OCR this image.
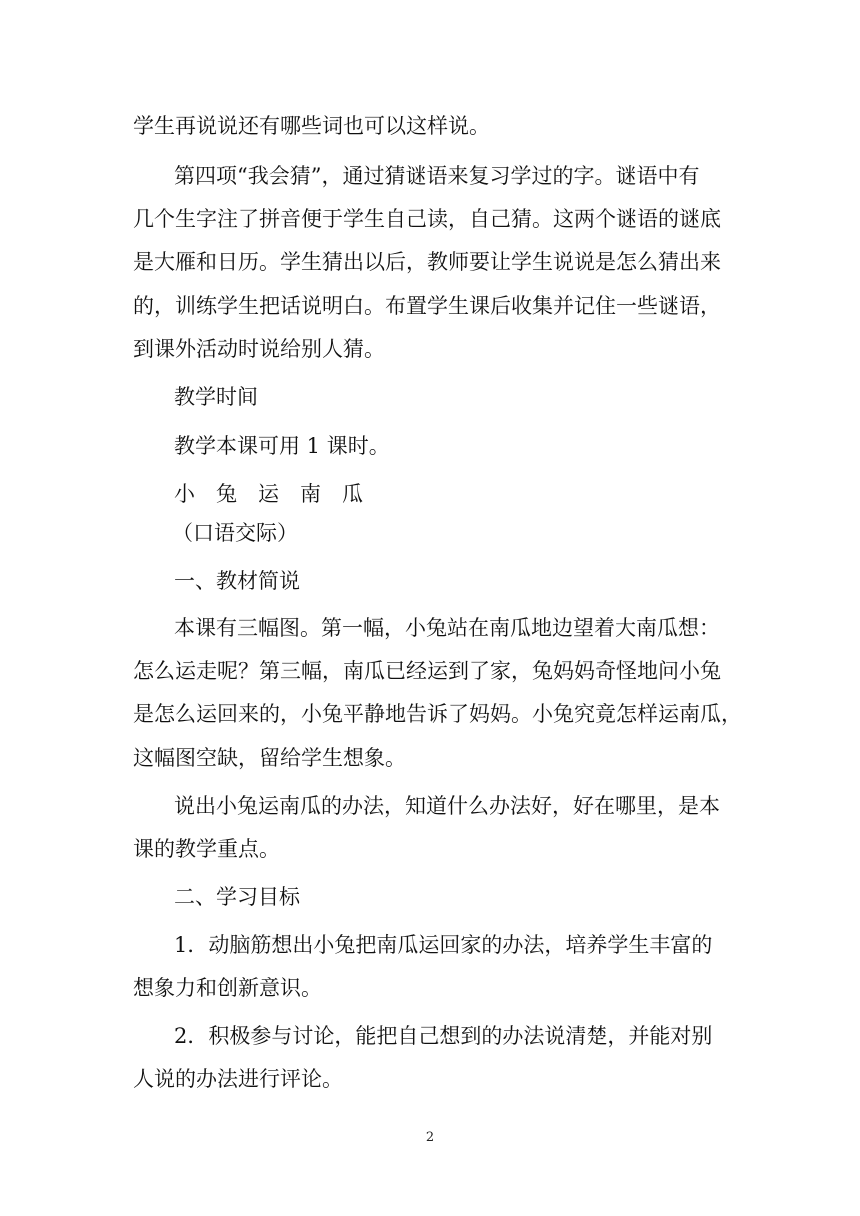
学生再说说还有哪些词也可以这样说。

第四项“我会猜”，通过猜谜语来复习学过的字。谜语中有

几个生字注了拼音便于学生自己读，自己猜。这两个谜语的谜底

是大雁和日历。学生猜出以后，教师要让学生说说是怎么猜出来

的，训练学生把话说明白。布置学生课后收集并记住一些谜语，

到课外活动时说给别人猜。

教学时间

教学本课可用 1 课时。

小　兔　运　南　瓜

（口语交际）

一、教材简说

本课有三幅图。第一幅，小兔站在南瓜地边望着大南瓜想：

怎么运走呢？第三幅，南瓜已经运到了家，兔妈妈奇怪地问小兔

是怎么运回来的，小兔平静地告诉了妈妈。小兔究竟怎样运南瓜，

这幅图空缺，留给学生想象。

说出小兔运南瓜的办法，知道什么办法好，好在哪里，是本

课的教学重点。

二、学习目标

1．动脑筋想出小兔把南瓜运回家的办法，培养学生丰富的

想象力和创新意识。

2．积极参与讨论，能把自己想到的办法说清楚，并能对别

人说的办法进行评论。

2
